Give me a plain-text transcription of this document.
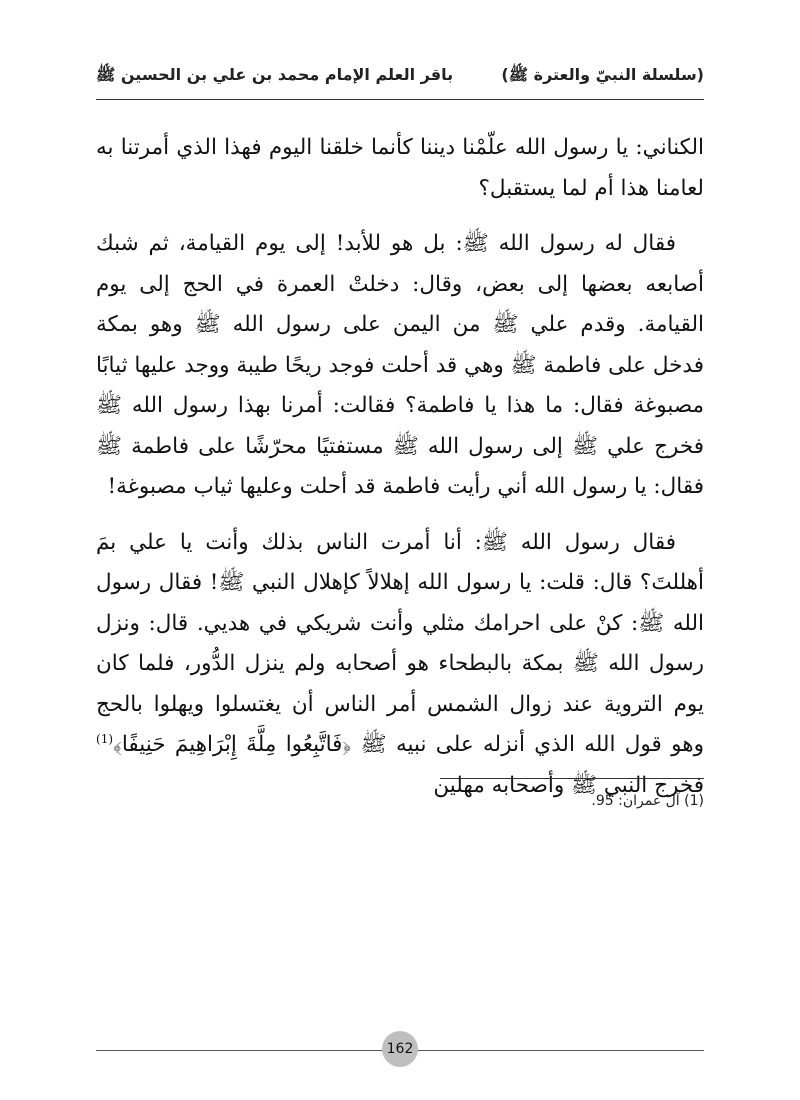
(سلسلة النبيّ والعترة ﷺ)
باقر العلم الإمام محمد بن علي بن الحسين ﷺ

الكناني: يا رسول الله علّمْنا ديننا كأنما خلقنا اليوم فهذا الذي أمرتنا به لعامنا هذا أم لما يستقبل؟

فقال له رسول الله ﷺ: بل هو للأبد! إلى يوم القيامة، ثم شبك أصابعه بعضها إلى بعض، وقال: دخلتْ العمرة في الحج إلى يوم القيامة. وقدم علي ﷺ من اليمن على رسول الله ﷺ وهو بمكة فدخل على فاطمة ﷺ وهي قد أحلت فوجد ريحًا طيبة ووجد عليها ثيابًا مصبوغة فقال: ما هذا يا فاطمة؟ فقالت: أمرنا بهذا رسول الله ﷺ فخرج علي ﷺ إلى رسول الله ﷺ مستفتيًا محرّشًا على فاطمة ﷺ فقال: يا رسول الله أني رأيت فاطمة قد أحلت وعليها ثياب مصبوغة!

فقال رسول الله ﷺ: أنا أمرت الناس بذلك وأنت يا علي بمَ أهللتَ؟ قال: قلت: يا رسول الله إهلالاً كإهلال النبي ﷺ! فقال رسول الله ﷺ: كنْ على احرامك مثلي وأنت شريكي في هديي. قال: ونزل رسول الله ﷺ بمكة بالبطحاء هو أصحابه ولم ينزل الدُّور، فلما كان يوم التروية عند زوال الشمس أمر الناس أن يغتسلوا ويهلوا بالحج وهو قول الله الذي أنزله على نبيه ﷺ ﴿فَاتَّبِعُوا مِلَّةَ إِبْرَاهِيمَ حَنِيفًا﴾$^{(1)}$ فخرج النبي ﷺ وأصحابه مهلين

(1) آل عمران: 95.
162
